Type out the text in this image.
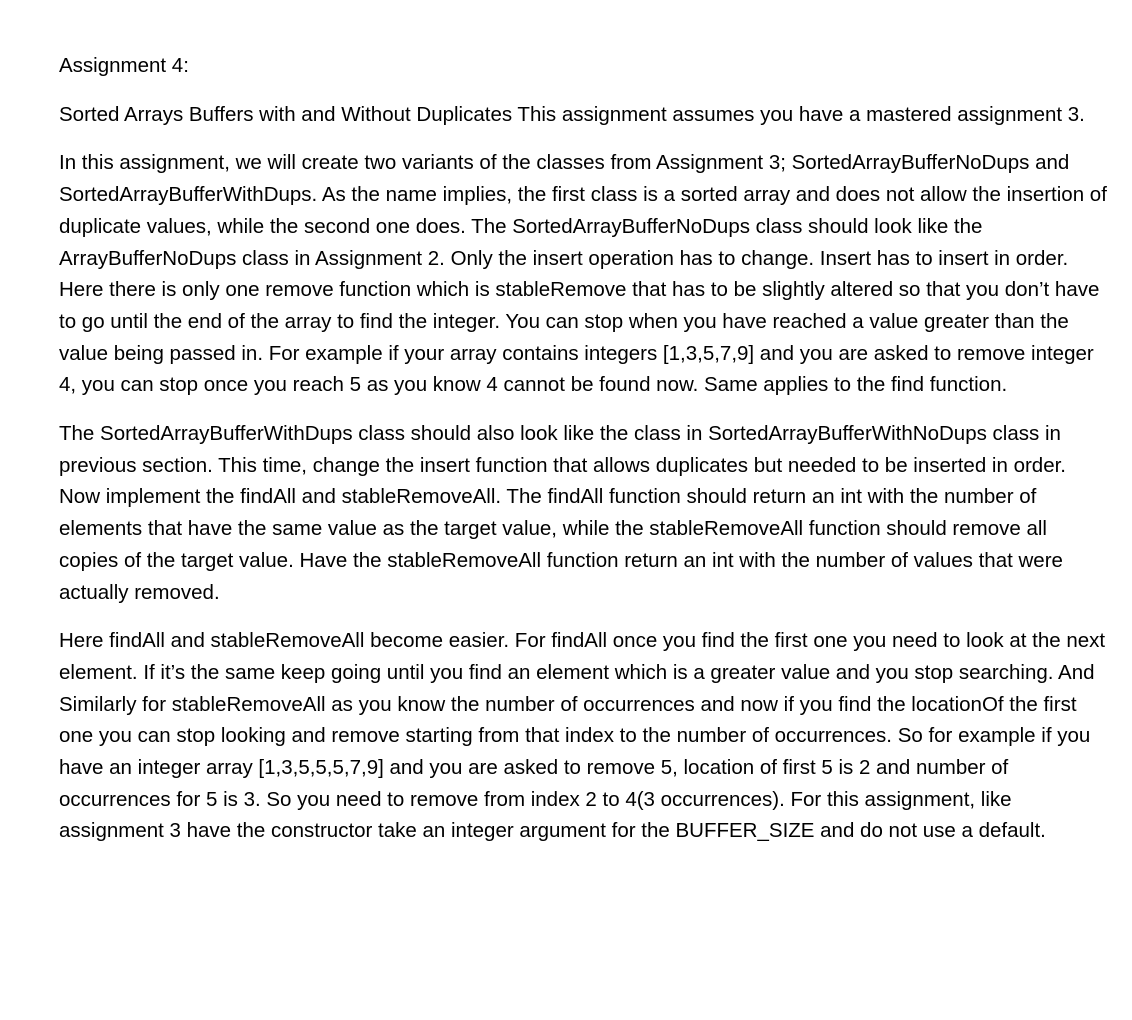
Assignment 4:

Sorted Arrays Buffers with and Without Duplicates This assignment assumes you have a mastered assignment 3.

In this assignment, we will create two variants of the classes from Assignment 3; SortedArrayBufferNoDups and SortedArrayBufferWithDups. As the name implies, the first class is a sorted array and does not allow the insertion of duplicate values, while the second one does. The SortedArrayBufferNoDups class should look like the ArrayBufferNoDups class in Assignment 2. Only the insert operation has to change. Insert has to insert in order. Here there is only one remove function which is stableRemove that has to be slightly altered so that you don’t have to go until the end of the array to find the integer. You can stop when you have reached a value greater than the value being passed in. For example if your array contains integers [1,3,5,7,9] and you are asked to remove integer 4, you can stop once you reach 5 as you know 4 cannot be found now. Same applies to the find function.

The SortedArrayBufferWithDups class should also look like the class in SortedArrayBufferWithNoDups class in previous section. This time, change the insert function that allows duplicates but needed to be inserted in order. Now implement the findAll and stableRemoveAll. The findAll function should return an int with the number of elements that have the same value as the target value, while the stableRemoveAll function should remove all copies of the target value. Have the stableRemoveAll function return an int with the number of values that were actually removed.

Here findAll and stableRemoveAll become easier. For findAll once you find the first one you need to look at the next element. If it’s the same keep going until you find an element which is a greater value and you stop searching. And Similarly for stableRemoveAll as you know the number of occurrences and now if you find the locationOf the first one you can stop looking and remove starting from that index to the number of occurrences. So for example if you have an integer array [1,3,5,5,5,7,9] and you are asked to remove 5, location of first 5 is 2 and number of occurrences for 5 is 3. So you need to remove from index 2 to 4(3 occurrences). For this assignment, like assignment 3 have the constructor take an integer argument for the BUFFER_SIZE and do not use a default.
